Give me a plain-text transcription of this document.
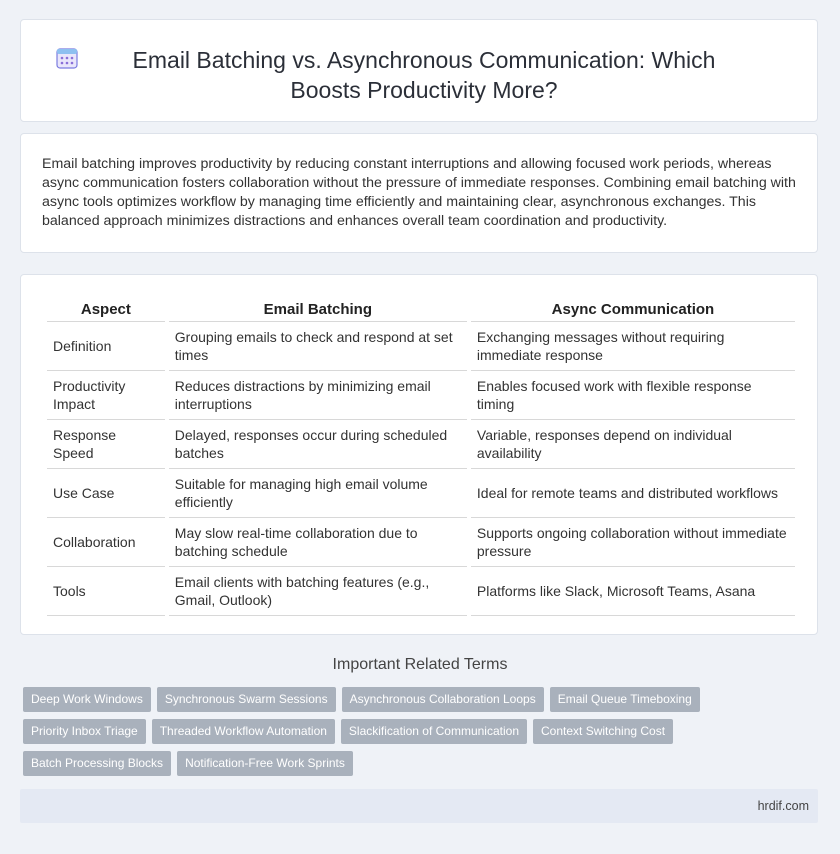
Email Batching vs. Asynchronous Communication: Which Boosts Productivity More?

Email batching improves productivity by reducing constant interruptions and allowing focused work periods, whereas async communication fosters collaboration without the pressure of immediate responses. Combining email batching with async tools optimizes workflow by managing time efficiently and maintaining clear, asynchronous exchanges. This balanced approach minimizes distractions and enhances overall team coordination and productivity.

Aspect	Email Batching	Async Communication
Definition	Grouping emails to check and respond at set times	Exchanging messages without requiring immediate response
Productivity Impact	Reduces distractions by minimizing email interruptions	Enables focused work with flexible response timing
Response Speed	Delayed, responses occur during scheduled batches	Variable, responses depend on individual availability
Use Case	Suitable for managing high email volume efficiently	Ideal for remote teams and distributed workflows
Collaboration	May slow real-time collaboration due to batching schedule	Supports ongoing collaboration without immediate pressure
Tools	Email clients with batching features (e.g., Gmail, Outlook)	Platforms like Slack, Microsoft Teams, Asana
Important Related Terms
Deep Work Windows	Synchronous Swarm Sessions	Asynchronous Collaboration Loops	Email Queue Timeboxing
Priority Inbox Triage	Threaded Workflow Automation	Slackification of Communication	Context Switching Cost
Batch Processing Blocks	Notification-Free Work Sprints
hrdif.com
